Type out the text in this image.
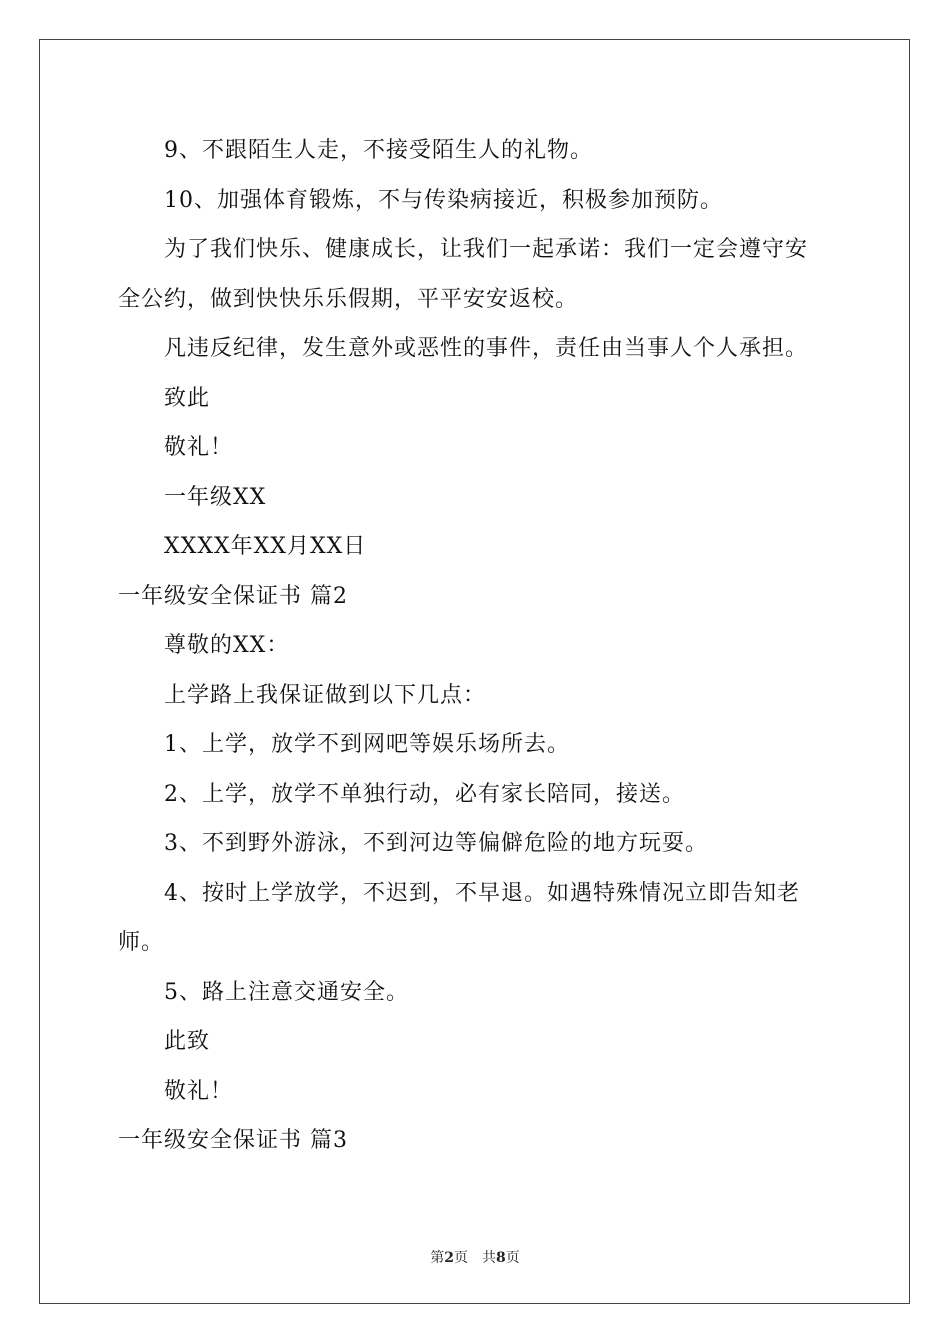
9、不跟陌生人走，不接受陌生人的礼物。
10、加强体育锻炼，不与传染病接近，积极参加预防。
为了我们快乐、健康成长，让我们一起承诺：我们一定会遵守安
全公约，做到快快乐乐假期，平平安安返校。
凡违反纪律，发生意外或恶性的事件，责任由当事人个人承担。
致此
敬礼！
一年级XX
XXXX年XX月XX日
一年级安全保证书 篇2
尊敬的XX：
上学路上我保证做到以下几点：
1、上学，放学不到网吧等娱乐场所去。
2、上学，放学不单独行动，必有家长陪同，接送。
3、不到野外游泳，不到河边等偏僻危险的地方玩耍。
4、按时上学放学，不迟到，不早退。如遇特殊情况立即告知老
师。
5、路上注意交通安全。
此致
敬礼！
一年级安全保证书 篇3
第2页 共8页
